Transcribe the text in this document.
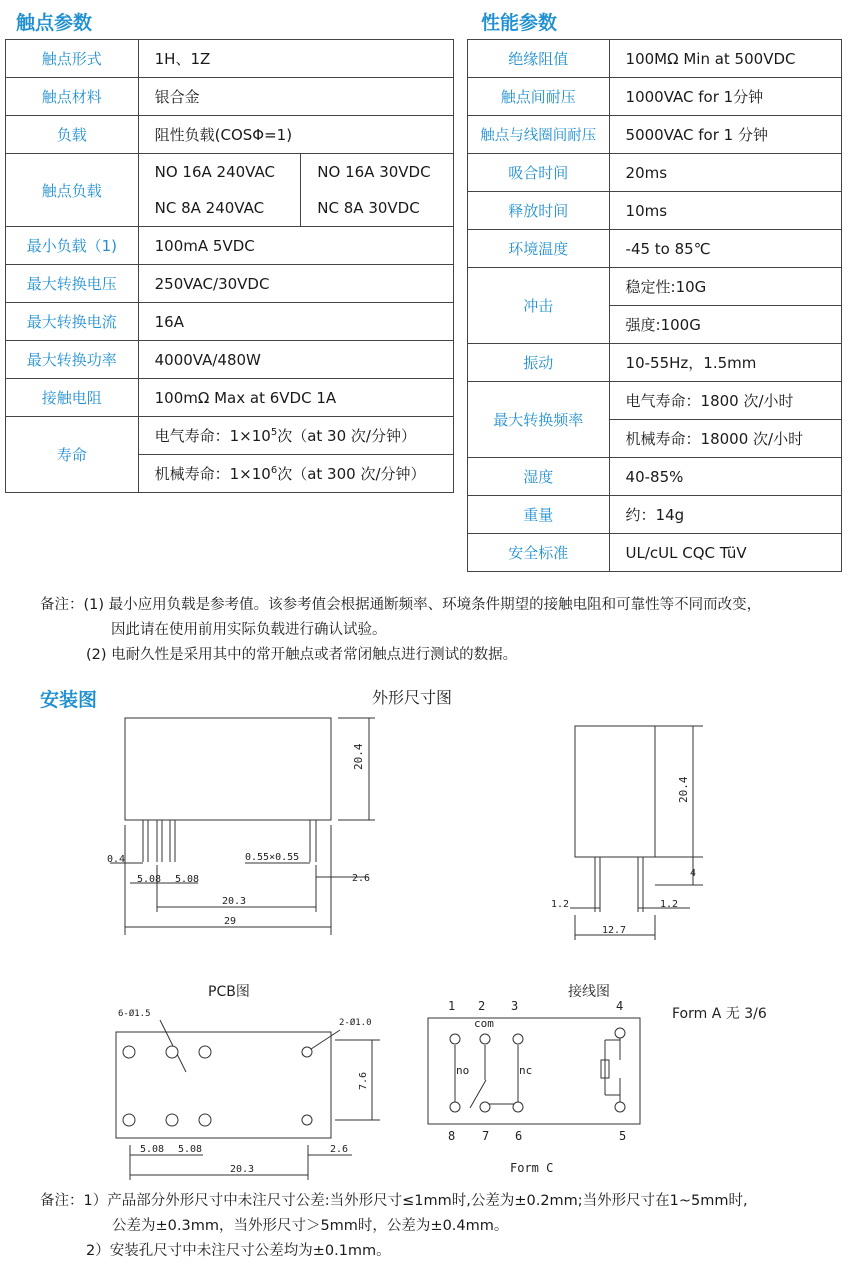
触点参数
触点形式	1H、1Z	
触点材料	银合金	
负载	阻性负载(COSΦ=1)	
触点负载	NO 16A 240VAC	NO 16A 30VDC
	NC 8A 240VAC	NC 8A 30VDC
最小负载（1)	100mA 5VDC	
最大转换电压	250VAC/30VDC	
最大转换电流	16A	
最大转换功率	4000VA/480W	
接触电阻	100mΩ Max at 6VDC 1A	
寿命	电气寿命：$1\times 10^5$次（at 30 次/分钟）	
	机械寿命：$1\times 10^6$次（at 300 次/分钟）	
性能参数
绝缘阻值	100MΩ Min at 500VDC
触点间耐压	1000VAC for 1分钟
触点与线圈间耐压	5000VAC for 1 分钟
吸合时间	20ms
释放时间	10ms
环境温度	-45 to 85℃
冲击	稳定性:10G
	强度:100G
振动	10-55Hz，1.5mm
最大转换频率	电气寿命：1800 次/小时
	机械寿命：18000 次/小时
湿度	40-85%
重量	约：14g
安全标准	UL/cUL CQC TüV
备注：(1) 最小应用负载是参考值。该参考值会根据通断频率、环境条件期望的接触电阻和可靠性等不同而改变，
因此请在使用前用实际负载进行确认试验。
(2) 电耐久性是采用其中的常开触点或者常闭触点进行测试的数据。
安装图	外形尺寸图
20.4
0.4
5.08 5.08
0.55×0.55
2.6
20.3
29
20.4
4
1.2	1.2
12.7
6-Ø1.5
2-Ø1.0
7.6
5.08 5.08	2.6
20.3
1 2 3	4
5
6
7
8
com
no	nc
Form C
PCB图	接线图
Form A 无 3/6
备注：1）产品部分外形尺寸中未注尺寸公差:当外形尺寸≤1mm时,公差为±0.2mm;当外形尺寸在1~5mm时,
公差为±0.3mm，当外形尺寸＞5mm时，公差为±0.4mm。
2）安装孔尺寸中未注尺寸公差均为±0.1mm。
